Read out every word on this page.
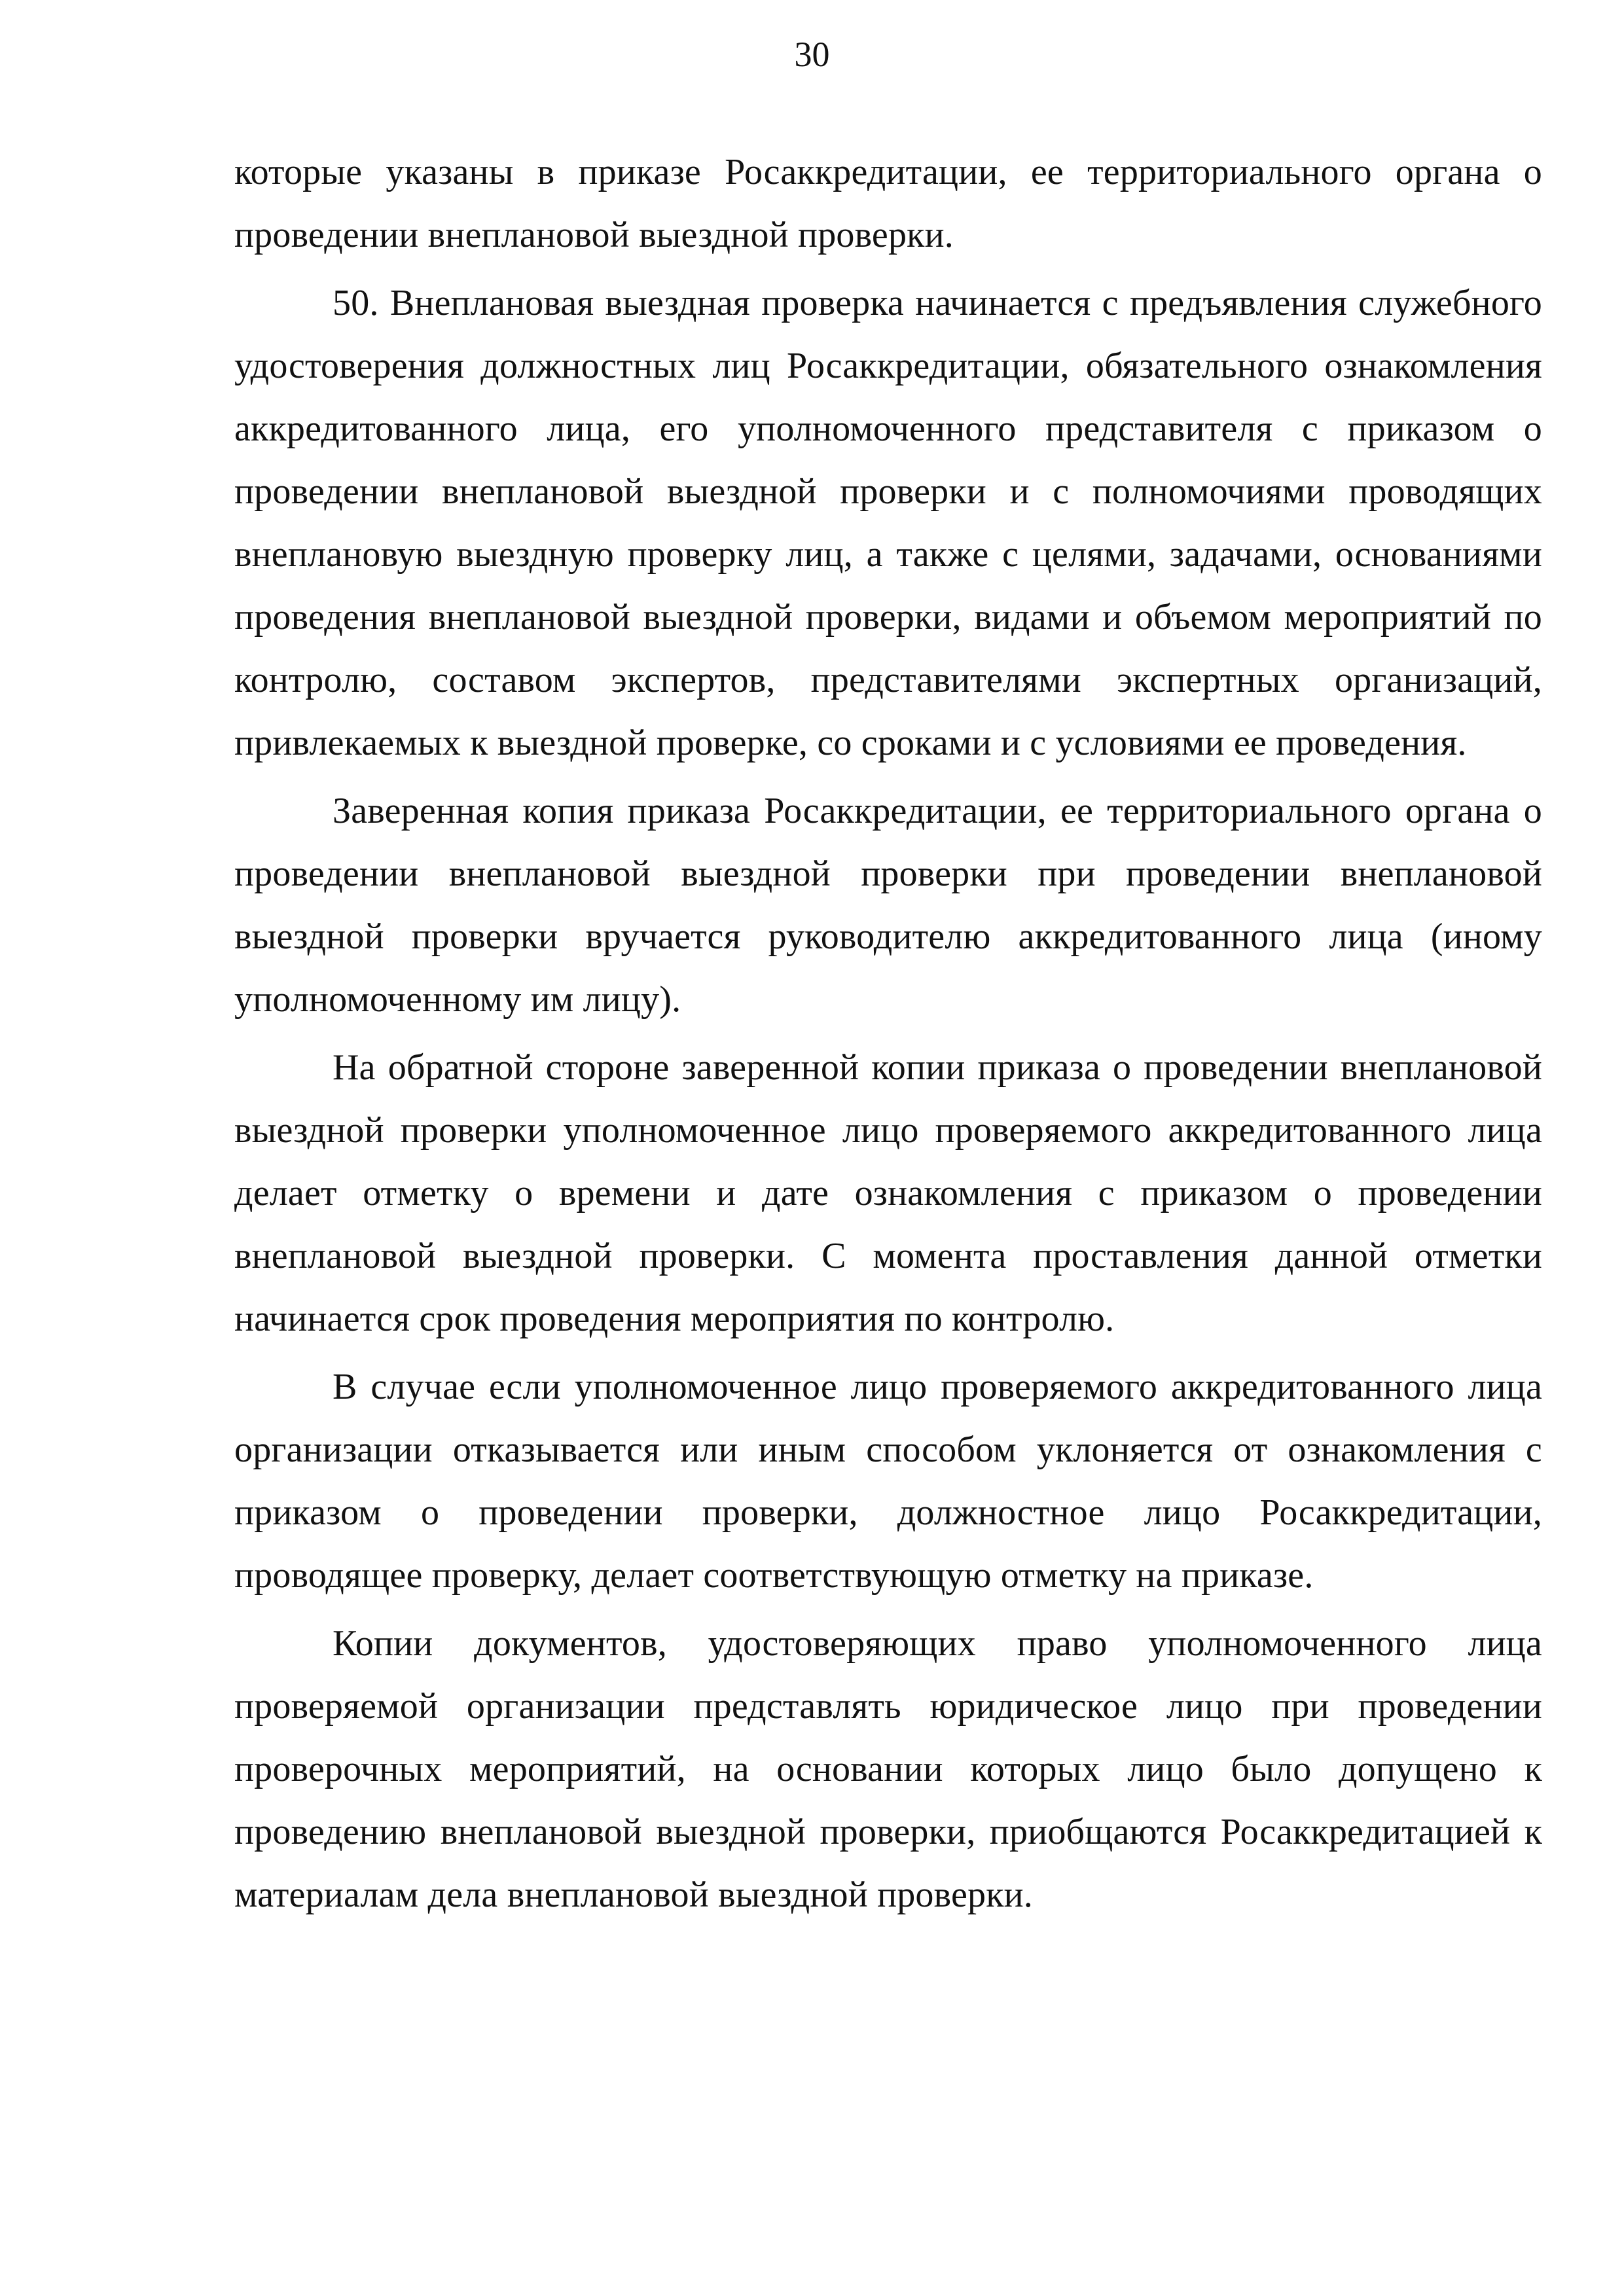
30

которые указаны в приказе Росаккредитации, ее территориального органа о проведении внеплановой выездной проверки.

50. Внеплановая выездная проверка начинается с предъявления служебного удостоверения должностных лиц Росаккредитации, обязательного ознакомления аккредитованного лица, его уполномоченного представителя с приказом о проведении внеплановой выездной проверки и с полномочиями проводящих внеплановую выездную проверку лиц, а также с целями, задачами, основаниями проведения внеплановой выездной проверки, видами и объемом мероприятий по контролю, составом экспертов, представителями экспертных организаций, привлекаемых к выездной проверке, со сроками и с условиями ее проведения.

Заверенная копия приказа Росаккредитации, ее территориального органа о проведении внеплановой выездной проверки при проведении внеплановой выездной проверки вручается руководителю аккредитованного лица (иному уполномоченному им лицу).

На обратной стороне заверенной копии приказа о проведении внеплановой выездной проверки уполномоченное лицо проверяемого аккредитованного лица делает отметку о времени и дате ознакомления с приказом о проведении внеплановой выездной проверки. С момента проставления данной отметки начинается срок проведения мероприятия по контролю.

В случае если уполномоченное лицо проверяемого аккредитованного лица организации отказывается или иным способом уклоняется от ознакомления с приказом о проведении проверки, должностное лицо Росаккредитации, проводящее проверку, делает соответствующую отметку на приказе.

Копии документов, удостоверяющих право уполномоченного лица проверяемой организации представлять юридическое лицо при проведении проверочных мероприятий, на основании которых лицо было допущено к проведению внеплановой выездной проверки, приобщаются Росаккредитацией к материалам дела внеплановой выездной проверки.
